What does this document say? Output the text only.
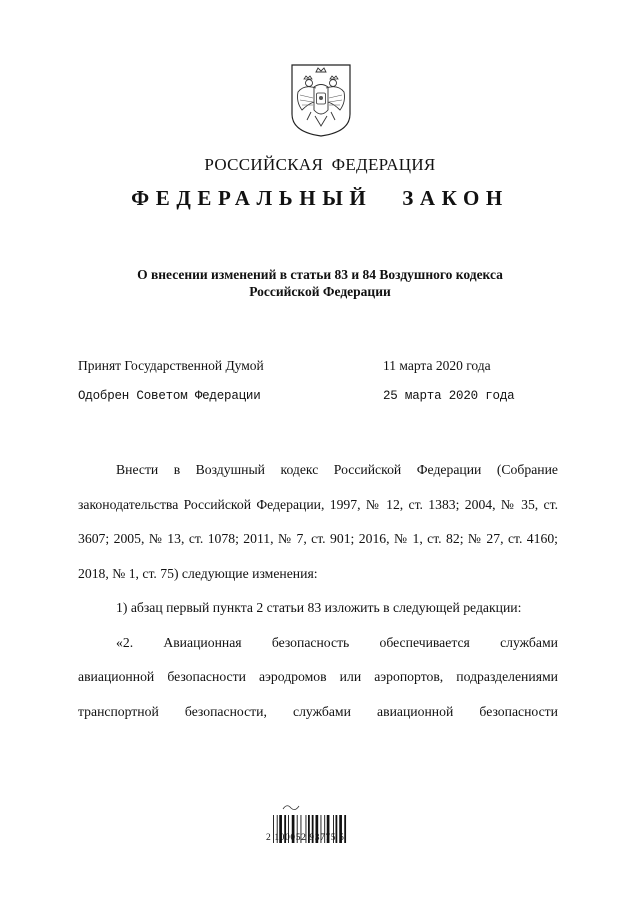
РОССИЙСКАЯ ФЕДЕРАЦИЯ
ФЕДЕРАЛЬНЫЙ ЗАКОН
О внесении изменений в статьи 83 и 84 Воздушного кодекса
Российской Федерации
Принят Государственной Думой	11 марта 2020 года
Одобрен Советом Федерации	25 марта 2020 года

Внести в Воздушный кодекс Российской Федерации (Собрание законодательства Российской Федерации, 1997, № 12, ст. 1383; 2004, № 35, ст. 3607; 2005, № 13, ст. 1078; 2011, № 7, ст. 901; 2016, № 1, ст. 82; № 27, ст. 4160; 2018, № 1, ст. 75) следующие изменения:

1) абзац первый пункта 2 статьи 83 изложить в следующей редакции:

«2. Авиационная безопасность обеспечивается службами

авиационной безопасности аэродромов или аэропортов, подразделениями

транспортной безопасности, службами авиационной безопасности
2 100052 93775 5
